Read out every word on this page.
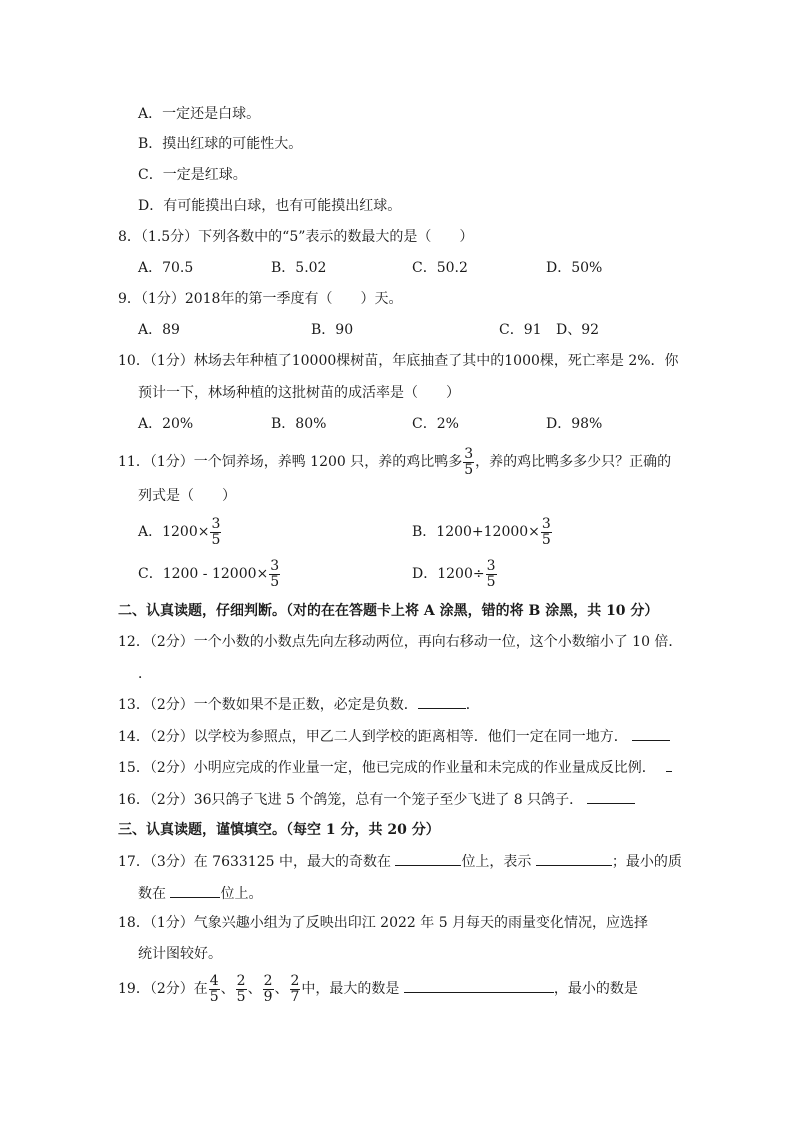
A．一定还是白球。
B．摸出红球的可能性大。
C．一定是红球。
D．有可能摸出白球，也有可能摸出红球。
8．（1.5分）下列各数中的“5”表示的数最大的是（　　）
A．70.5	B．5.02	C．50.2	D．50%
9．（1分）2018年的第一季度有（　　）天。
A．89	B．90	C．91 D、92
10．（1分）林场去年种植了10000棵树苗，年底抽查了其中的1000棵，死亡率是 2%．你
预计一下，林场种植的这批树苗的成活率是（　　）
A．20%	B．80%	C．2%	D．98%
11．（1分）一个饲养场，养鸭 1200 只，养的鸡比鸭多 $\frac{3}{5}$ ，养的鸡比鸭多多少只？正确的
列式是（　　）
A．$1200\times \frac{3}{5}$	B．$1200+12000\times \frac{3}{5}$
C．$1200 - 12000\times \frac{3}{5}$	D．$1200\div \frac{3}{5}$
二、认真读题，仔细判断。（对的在在答题卡上将 A 涂黑，错的将 B 涂黑，共 10 分）
12．（2分）一个小数的小数点先向左移动两位，再向右移动一位，这个小数缩小了 10 倍．
．
13．（2分）一个数如果不是正数，必定是负数．	．
14．（2分）以学校为参照点，甲乙二人到学校的距离相等．他们一定在同一地方．
15．（2分）小明应完成的作业量一定，他已完成的作业量和未完成的作业量成反比例．
16．（2分）36只鸽子飞进 5 个鸽笼，总有一个笼子至少飞进了 8 只鸽子．
三、认真读题，谨慎填空。（每空 1 分，共 20 分）
17．（3分）在 7633125 中，最大的奇数在	位上，表示	；最小的质
数在	位上。
18．（1分）气象兴趣小组为了反映出印江 2022 年 5 月每天的雨量变化情况，应选择
统计图较好。
19．（2分）在 $\frac{4}{5}$ 、 $\frac{2}{5}$ 、 $\frac{2}{9}$ 、 $\frac{2}{7}$ 中，最大的数是	，最小的数是
